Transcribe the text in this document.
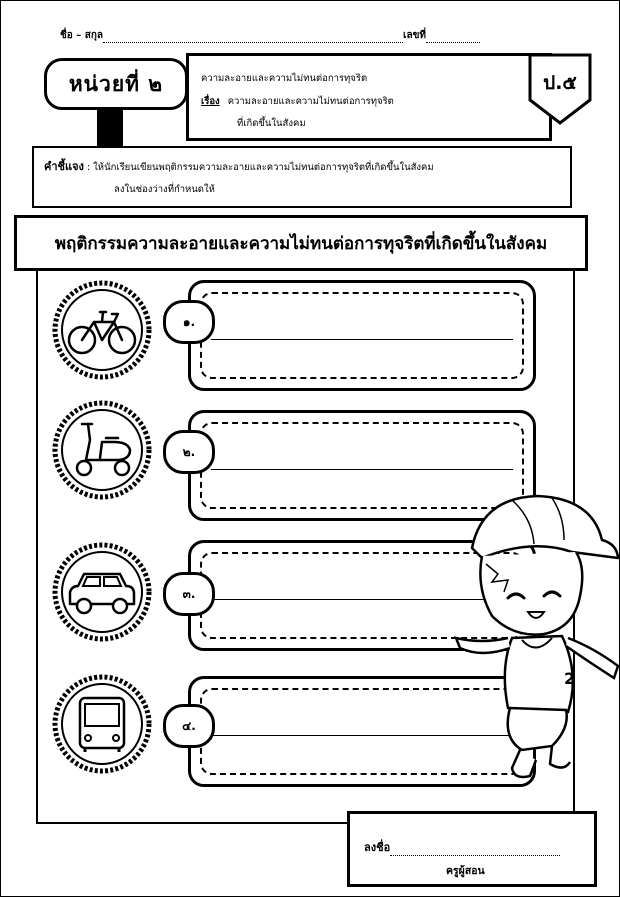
ชื่อ – สกุล	เลขที่
หน่วยที่ ๒	ความละอายและความไม่ทนต่อการทุจริต
เรื่อง ความละอายและความไม่ทนต่อการทุจริต
ที่เกิดขึ้นในสังคม
ป.๕
คำชี้แจง : ให้นักเรียนเขียนพฤติกรรมความละอายและความไม่ทนต่อการทุจริตที่เกิดขึ้นในสังคม
ลงในช่องว่างที่กำหนดให้
พฤติกรรมความละอายและความไม่ทนต่อการทุจริตที่เกิดขึ้นในสังคม
๑.
๒.
๓.
๔.
2
ลงชื่อ
ครูผู้สอน
